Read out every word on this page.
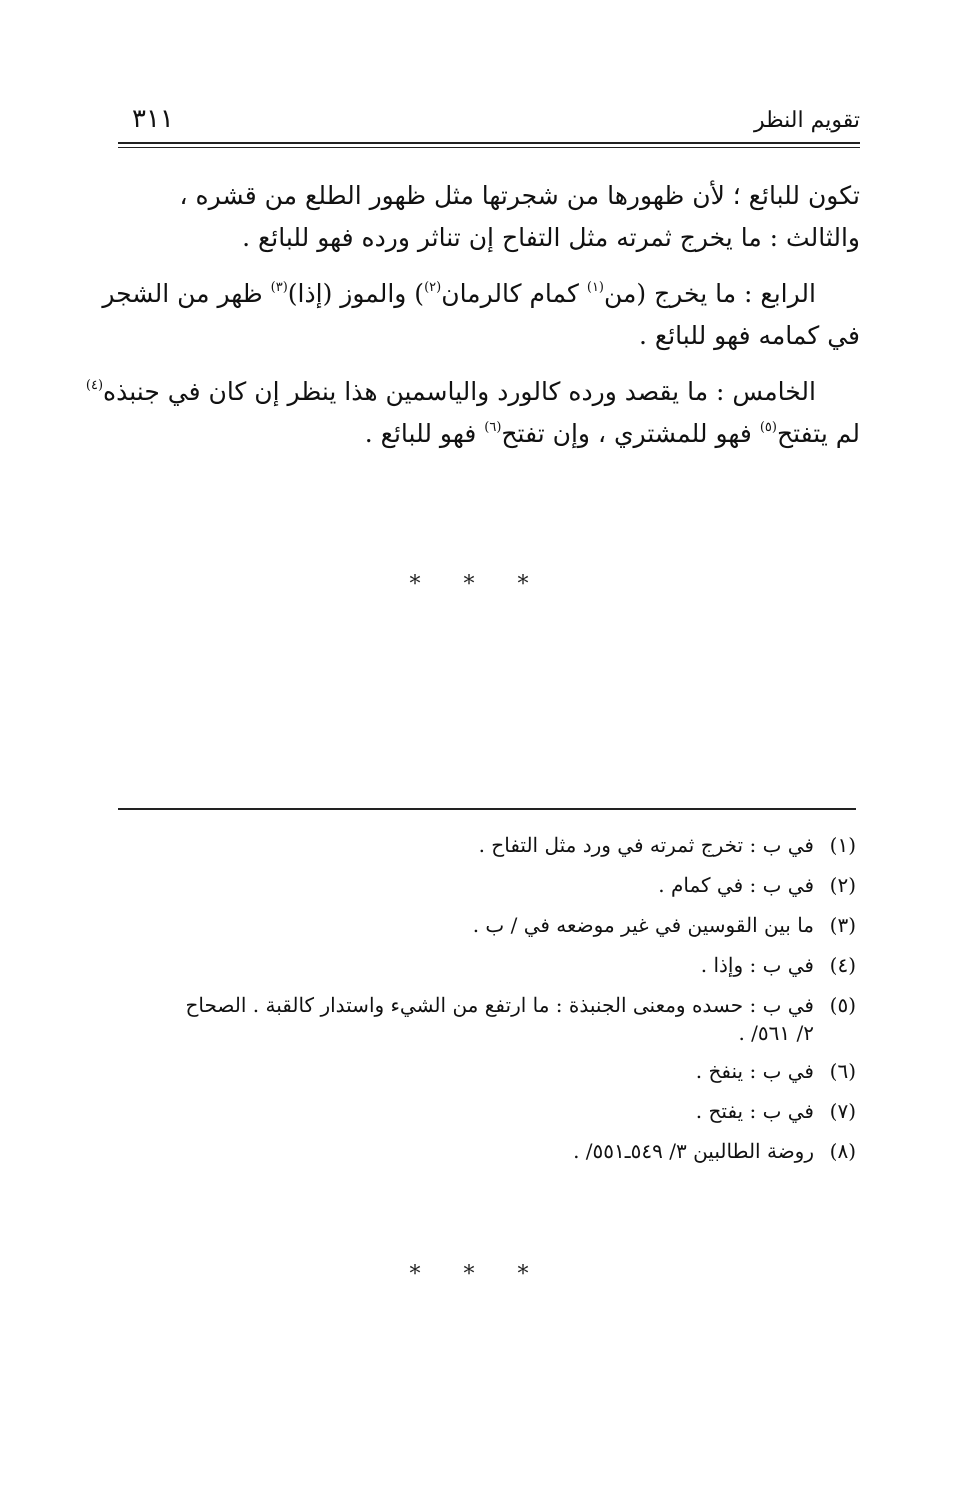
تقويم النظر
٣١١
تكون للبائع ؛ لأن ظهورها من شجرتها مثل ظهور الطلع من قشره ،
والثالث : ما يخرج ثمرته مثل التفاح إن تناثر ورده فهو للبائع .
الرابع : ما يخرج (من$^{(١)}$ كمام كالرمان$^{(٢)}$) والموز (إذا)$^{(٣)}$ ظهر من الشجر
في كمامه فهو للبائع .
الخامس : ما يقصد ورده كالورد والياسمين هذا ينظر إن كان في جنبذه$^{(٤)}$
لم يتفتح$^{(٥)}$ فهو للمشتري ، وإن تفتح$^{(٦)}$ فهو للبائع .
* * *
(١)
في ب : تخرج ثمرته في ورد مثل التفاح .
(٢)
في ب : في كمام .
(٣)
ما بين القوسين في غير موضعه في / ب .
(٤)
في ب : وإذا .
(٥)
في ب : حسده ومعنى الجنبذة : ما ارتفع من الشيء واستدار كالقبة . الصحاح
٢/ ٥٦١/ .
(٦)
في ب : ينفخ .
(٧)
في ب : يفتح .
(٨)
روضة الطالبين ٣/ ٥٤٩ـ٥٥١/ .
* * *
